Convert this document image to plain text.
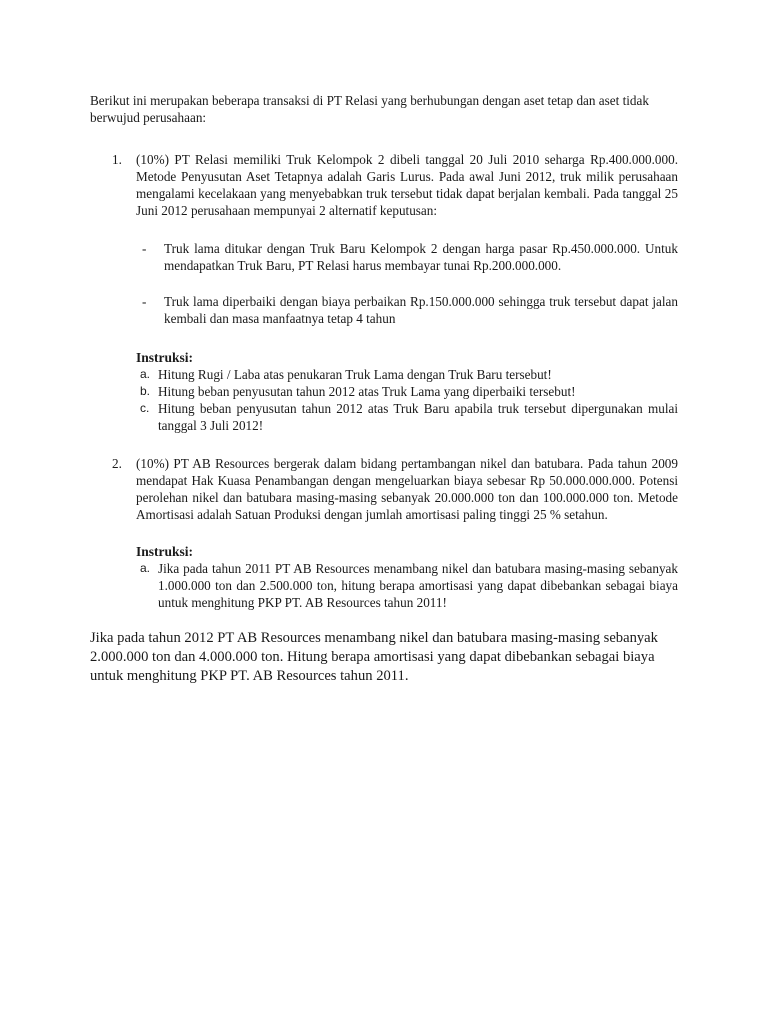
Berikut ini merupakan beberapa transaksi di PT Relasi yang berhubungan dengan aset tetap dan aset tidak berwujud perusahaan:

1. (10%) PT Relasi memiliki Truk Kelompok 2 dibeli tanggal 20 Juli 2010 seharga Rp.400.000.000. Metode Penyusutan Aset Tetapnya adalah Garis Lurus. Pada awal Juni 2012, truk milik perusahaan mengalami kecelakaan yang menyebabkan truk tersebut tidak dapat berjalan kembali. Pada tanggal 25 Juni 2012 perusahaan mempunyai 2 alternatif keputusan:

- Truk lama ditukar dengan Truk Baru Kelompok 2 dengan harga pasar Rp.450.000.000. Untuk mendapatkan Truk Baru, PT Relasi harus membayar tunai Rp.200.000.000.
- Truk lama diperbaiki dengan biaya perbaikan Rp.150.000.000 sehingga truk tersebut dapat jalan kembali dan masa manfaatnya tetap 4 tahun

Instruksi:

a. Hitung Rugi / Laba atas penukaran Truk Lama dengan Truk Baru tersebut!
b. Hitung beban penyusutan tahun 2012 atas Truk Lama yang diperbaiki tersebut!
c. Hitung beban penyusutan tahun 2012 atas Truk Baru apabila truk tersebut dipergunakan mulai tanggal 3 Juli 2012!
2. (10%) PT AB Resources bergerak dalam bidang pertambangan nikel dan batubara. Pada tahun 2009 mendapat Hak Kuasa Penambangan dengan mengeluarkan biaya sebesar Rp 50.000.000.000. Potensi perolehan nikel dan batubara masing-masing sebanyak 20.000.000 ton dan 100.000.000 ton. Metode Amortisasi adalah Satuan Produksi dengan jumlah amortisasi paling tinggi 25 % setahun.

Instruksi:

a. Jika pada tahun 2011 PT AB Resources menambang nikel dan batubara masing-masing sebanyak 1.000.000 ton dan 2.500.000 ton, hitung berapa amortisasi yang dapat dibebankan sebagai biaya untuk menghitung PKP PT. AB Resources tahun 2011!

Jika pada tahun 2012 PT AB Resources menambang nikel dan batubara masing-masing sebanyak 2.000.000 ton dan 4.000.000 ton. Hitung berapa amortisasi yang dapat dibebankan sebagai biaya untuk menghitung PKP PT. AB Resources tahun 2011.
